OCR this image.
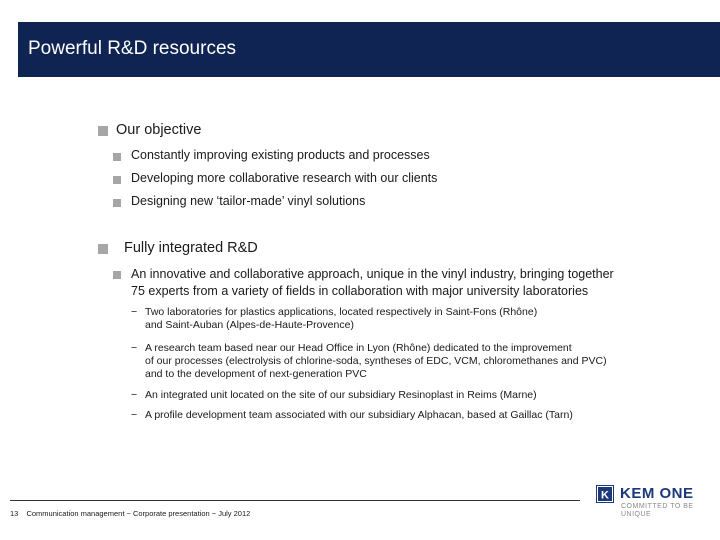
Powerful R&D resources
Our objective
Constantly improving existing products and processes
Developing more collaborative research with our clients
Designing new ‘tailor-made’ vinyl solutions
Fully integrated R&D
An innovative and collaborative approach, unique in the vinyl industry, bringing together
75 experts from a variety of fields in collaboration with major university laboratories
− Two laboratories for plastics applications, located respectively in Saint-Fons (Rhône)
and Saint-Auban (Alpes-de-Haute-Provence)
− A research team based near our Head Office in Lyon (Rhône) dedicated to the improvement
of our processes (electrolysis of chlorine-soda, syntheses of EDC, VCM, chloromethanes and PVC)
and to the development of next-generation PVC
− An integrated unit located on the site of our subsidiary Resinoplast in Reims (Marne)
− A profile development team associated with our subsidiary Alphacan, based at Gaillac (Tarn)
13 Communication management − Corporate presentation − July 2012
K KEM ONE
COMMITTED TO BE
UNIQUE
